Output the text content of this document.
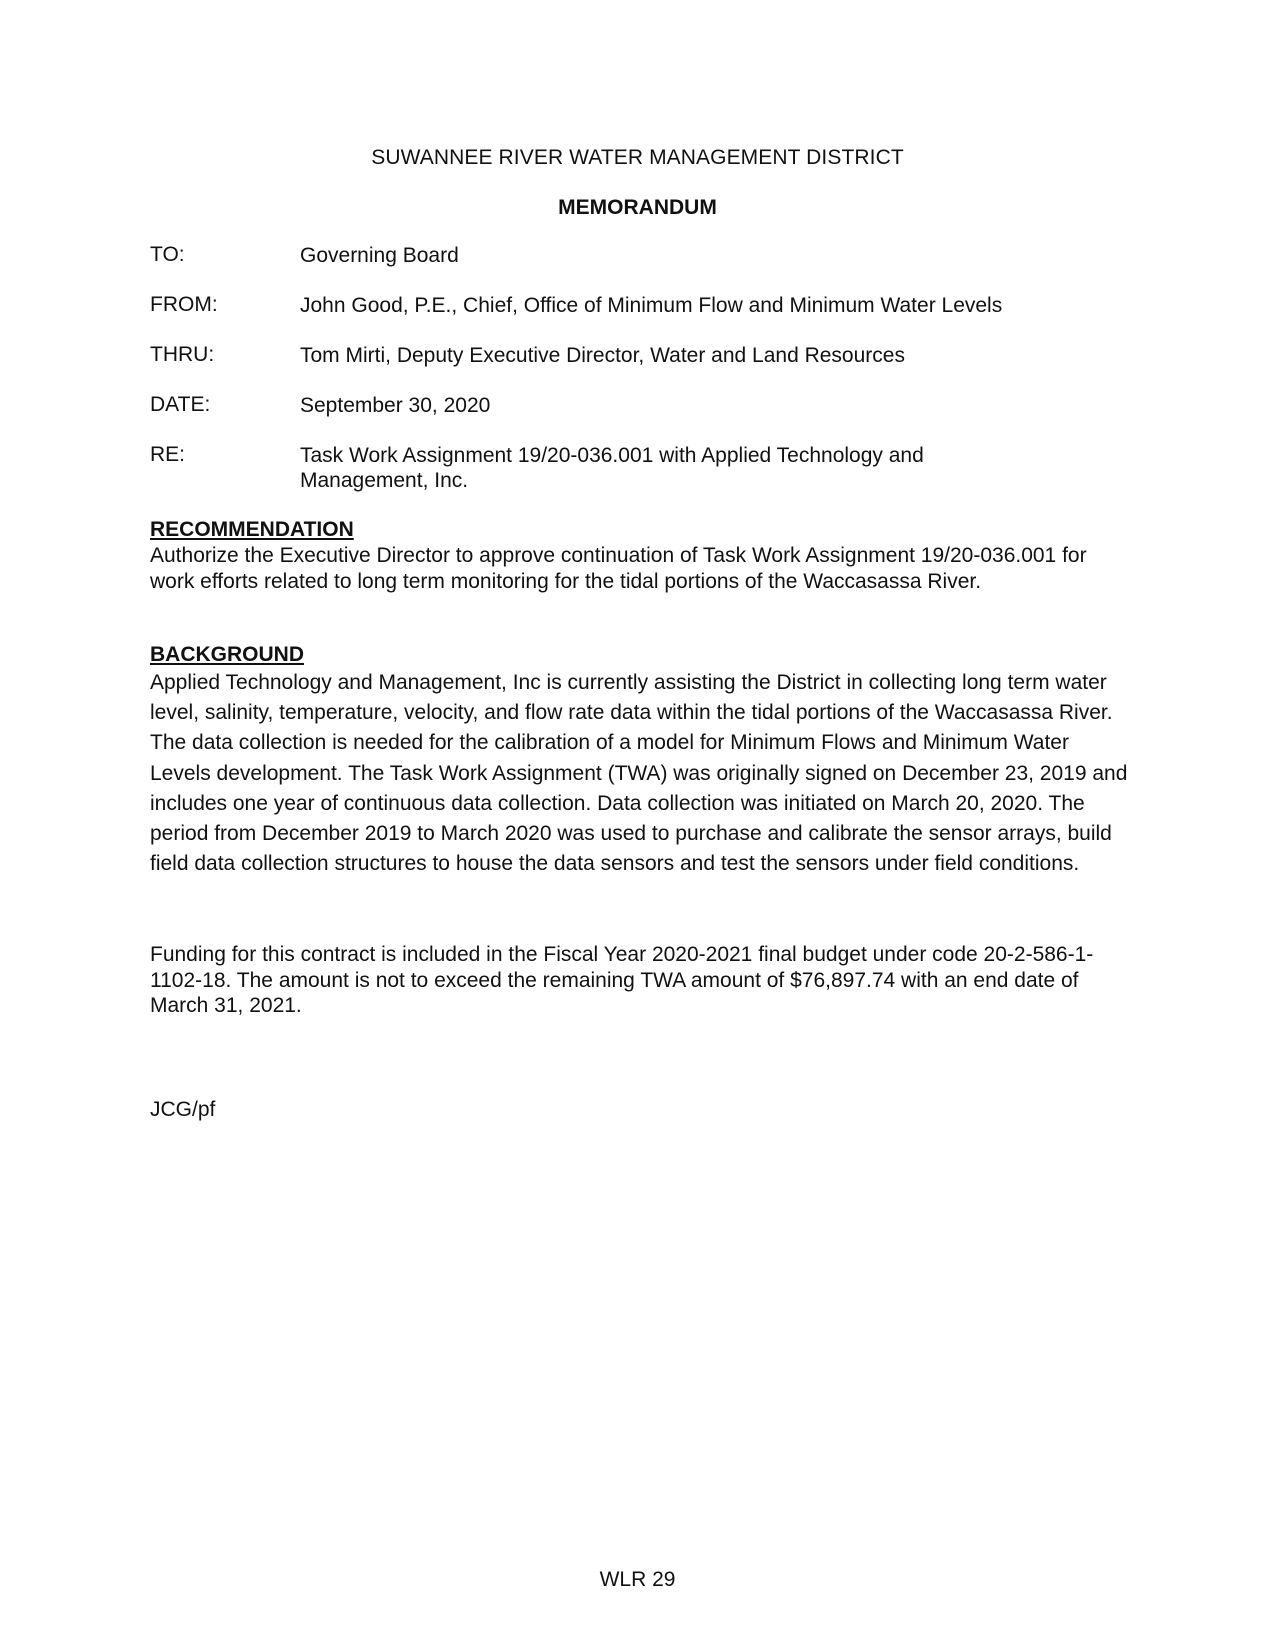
SUWANNEE RIVER WATER MANAGEMENT DISTRICT
MEMORANDUM
TO:	Governing Board
FROM:	John Good, P.E., Chief, Office of Minimum Flow and Minimum Water Levels
THRU:	Tom Mirti, Deputy Executive Director, Water and Land Resources
DATE:	September 30, 2020
RE:	Task Work Assignment 19/20-036.001 with Applied Technology and Management, Inc.
RECOMMENDATION
Authorize the Executive Director to approve continuation of Task Work Assignment 19/20-036.001 for work efforts related to long term monitoring for the tidal portions of the Waccasassa River.
BACKGROUND
Applied Technology and Management, Inc is currently assisting the District in collecting long term water level, salinity, temperature, velocity, and flow rate data within the tidal portions of the Waccasassa River. The data collection is needed for the calibration of a model for Minimum Flows and Minimum Water Levels development. The Task Work Assignment (TWA) was originally signed on December 23, 2019 and includes one year of continuous data collection. Data collection was initiated on March 20, 2020. The period from December 2019 to March 2020 was used to purchase and calibrate the sensor arrays, build field data collection structures to house the data sensors and test the sensors under field conditions.
Funding for this contract is included in the Fiscal Year 2020-2021 final budget under code 20-2-586-1-1102-18. The amount is not to exceed the remaining TWA amount of $76,897.74 with an end date of March 31, 2021.
JCG/pf
WLR 29
